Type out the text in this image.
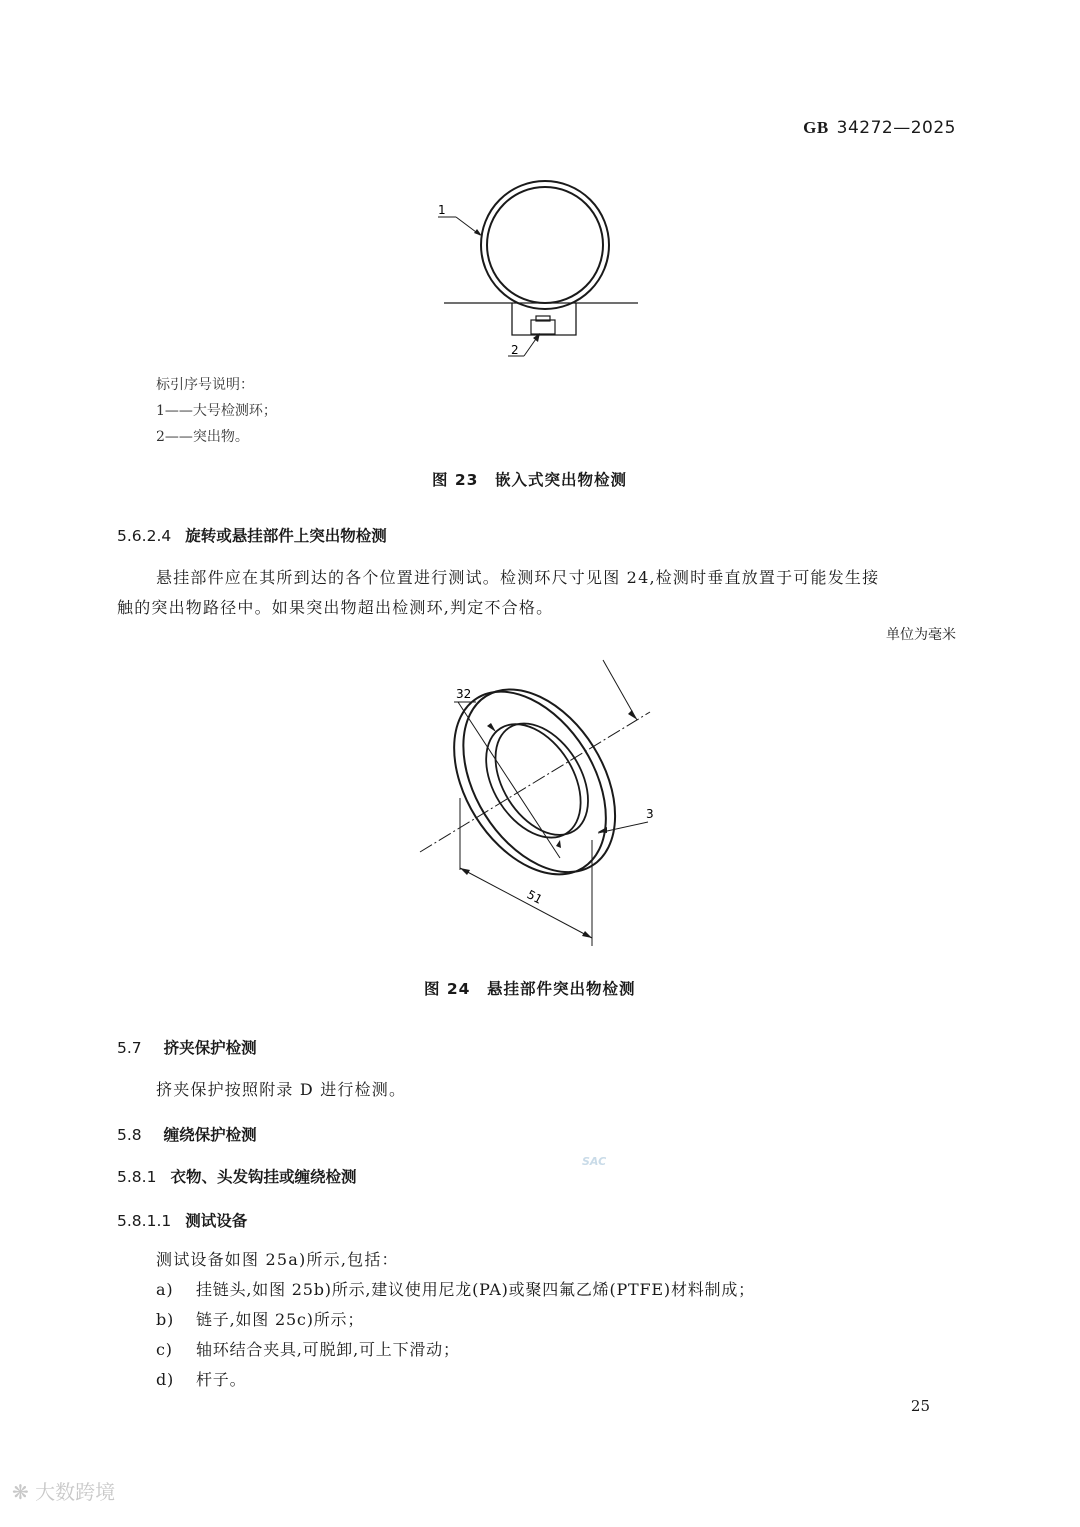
GB 34272—2025
1
2
标引序号说明：
1——大号检测环；
2——突出物。
图 23　嵌入式突出物检测
5.6.2.4 旋转或悬挂部件上突出物检测
悬挂部件应在其所到达的各个位置进行测试。检测环尺寸见图 24,检测时垂直放置于可能发生接
触的突出物路径中。如果突出物超出检测环,判定不合格。
单位为毫米
32
3
51
图 24　悬挂部件突出物检测
5.7 挤夹保护检测
挤夹保护按照附录 D 进行检测。
5.8 缠绕保护检测
SAC
5.8.1 衣物、头发钩挂或缠绕检测
5.8.1.1 测试设备
测试设备如图 25a)所示,包括：
a) 挂链头,如图 25b)所示,建议使用尼龙(PA)或聚四氟乙烯(PTFE)材料制成；
b) 链子,如图 25c)所示；
c) 轴环结合夹具,可脱卸,可上下滑动；
d) 杆子。
25
❋ 大数跨境
